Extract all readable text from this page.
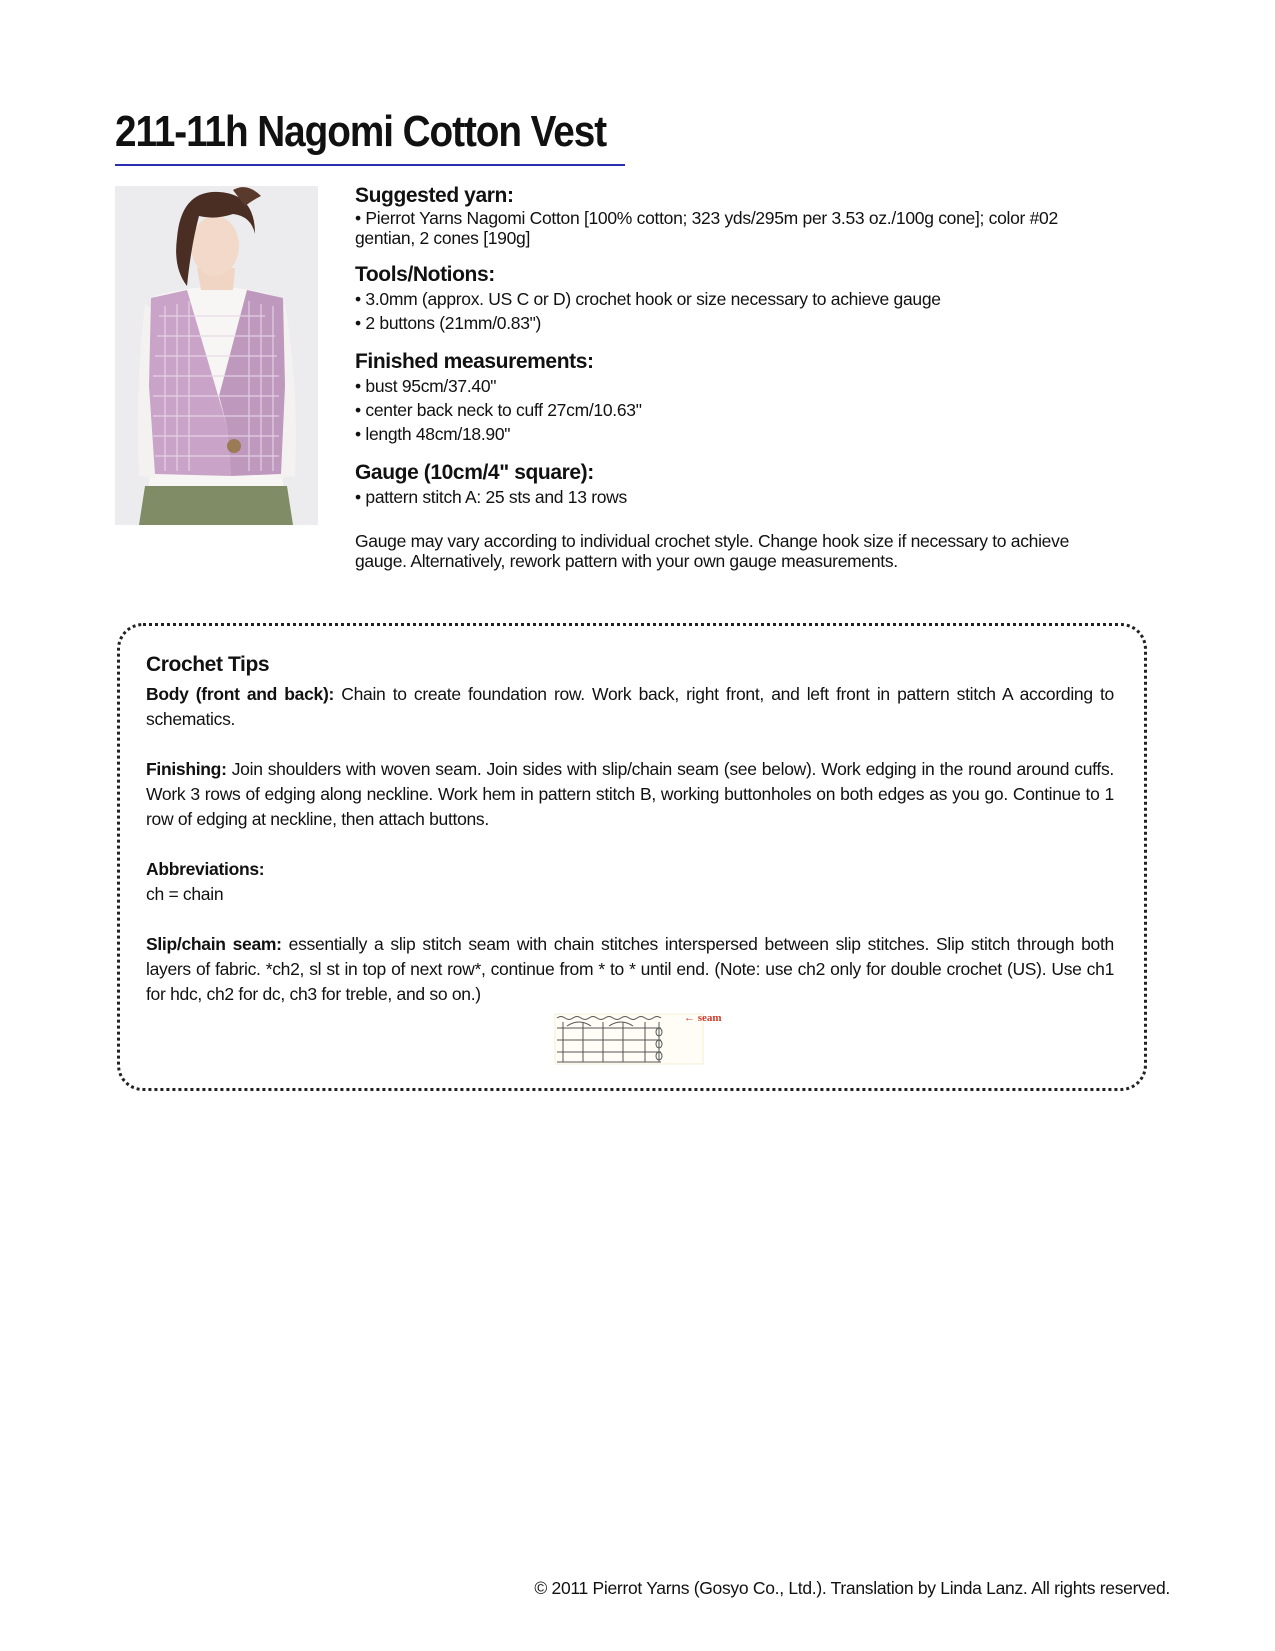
211-11h Nagomi Cotton Vest

Suggested yarn:

• Pierrot Yarns Nagomi Cotton [100% cotton; 323 yds/295m per 3.53 oz./100g cone]; color #02 gentian, 2 cones [190g]

Tools/Notions:

• 3.0mm (approx. US C or D) crochet hook or size necessary to achieve gauge

• 2 buttons (21mm/0.83")

Finished measurements:

• bust 95cm/37.40"

• center back neck to cuff 27cm/10.63"

• length 48cm/18.90"

Gauge (10cm/4" square):

• pattern stitch A: 25 sts and 13 rows

Gauge may vary according to individual crochet style. Change hook size if necessary to achieve gauge. Alternatively, rework pattern with your own gauge measurements.

Crochet Tips

Body (front and back): Chain to create foundation row. Work back, right front, and left front in pattern stitch A according to schematics.

Finishing: Join shoulders with woven seam. Join sides with slip/chain seam (see below). Work edging in the round around cuffs. Work 3 rows of edging along neckline. Work hem in pattern stitch B, working buttonholes on both edges as you go. Continue to 1 row of edging at neckline, then attach buttons.

Abbreviations:

ch = chain

Slip/chain seam: essentially a slip stitch seam with chain stitches interspersed between slip stitches. Slip stitch through both layers of fabric. *ch2, sl st in top of next row*, continue from * to * until end. (Note: use ch2 only for double crochet (US). Use ch1 for hdc, ch2 for dc, ch3 for treble, and so on.)

← seam
© 2011 Pierrot Yarns (Gosyo Co., Ltd.). Translation by Linda Lanz. All rights reserved.
